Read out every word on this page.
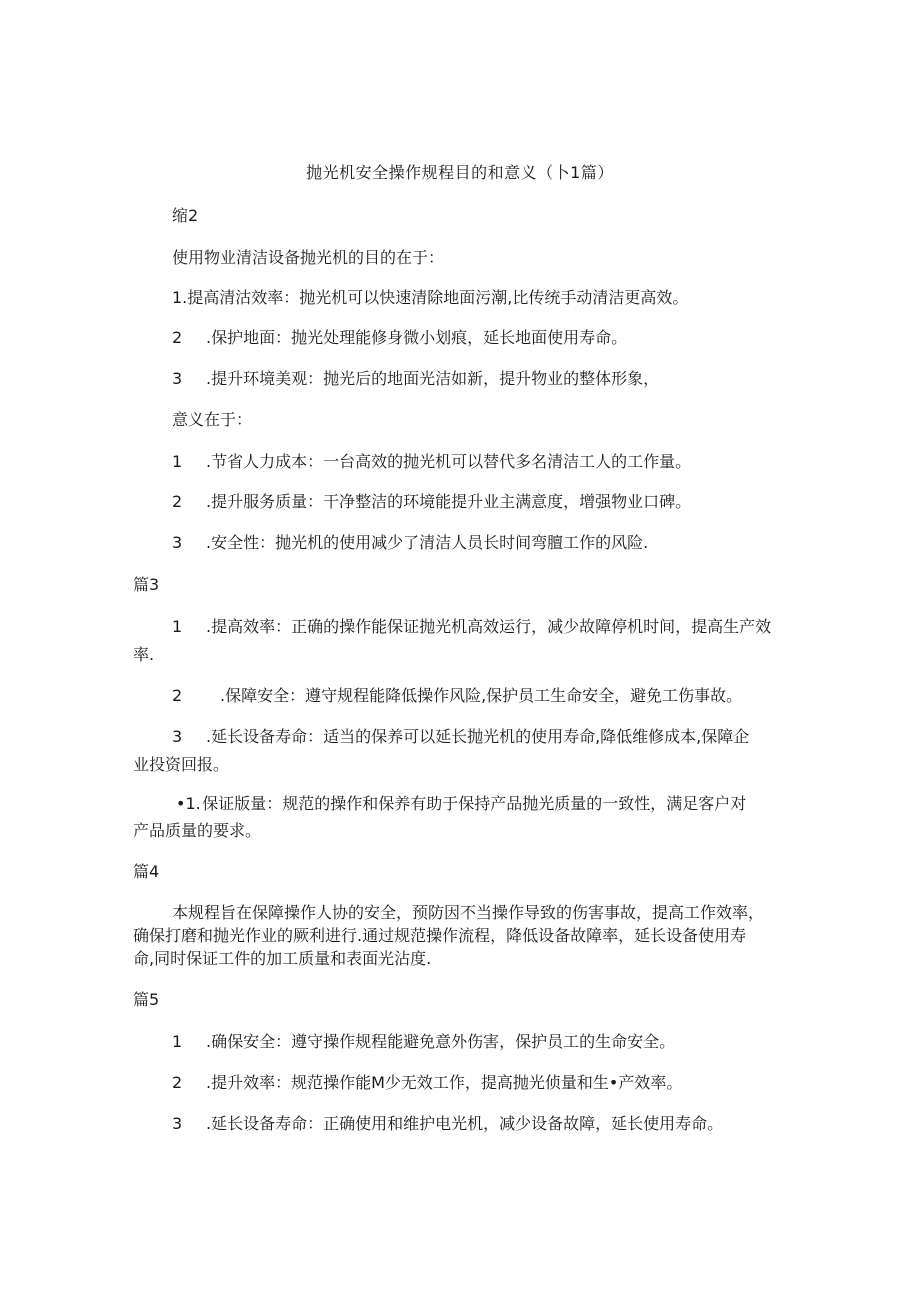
抛光机安全操作规程目的和意义（卜1篇）
缩2
使用物业清洁设备抛光机的目的在于：
1.提高清沽效率：抛光机可以快速清除地面污潮,比传统手动清洁更高效。
2 .保护地面：抛光处理能修身微小划痕，延长地面使用寿命。
3 .提升环境美观：抛光后的地面光洁如新，提升物业的整体形象，
意义在于：
1 .节省人力成本：一台高效的抛光机可以替代多名清洁工人的工作量。
2 .提升服务质量：干净整洁的环境能提升业主满意度，增强物业口碑。
3 .安全性：抛光机的使用减少了清洁人员长时间弯膻工作的风险.
篇3
1 .提高效率：正确的操作能保证抛光机高效运行，减少故障停机时间，提高生产效
率.
2 .保障安全：遵守规程能降低操作风险,保护员工生命安全，避免工伤事故。
3 .延长设备寿命：适当的保养可以延长抛光机的使用寿命,降低维修成本,保障企
业投资回报。
•1. 保证版量：规范的操作和保养有助于保持产品抛光质量的一致性，满足客户对
产品质量的要求。
篇4
本规程旨在保障操作人协的安全，预防因不当操作导致的伤害事故，提高工作效率，
确保打磨和抛光作业的厥利进行.通过规范操作流程，降低设备故障率，延长设备使用寿
命,同时保证工件的加工质量和表面光沾度.
篇5
1 .确保安全：遵守操作规程能避免意外伤害，保护员工的生命安全。
2 .提升效率：规范操作能M少无效工作，提高抛光侦量和生•产效率。
3 .延长设备寿命：正确使用和维护电光机，减少设备故障，延长使用寿命。
